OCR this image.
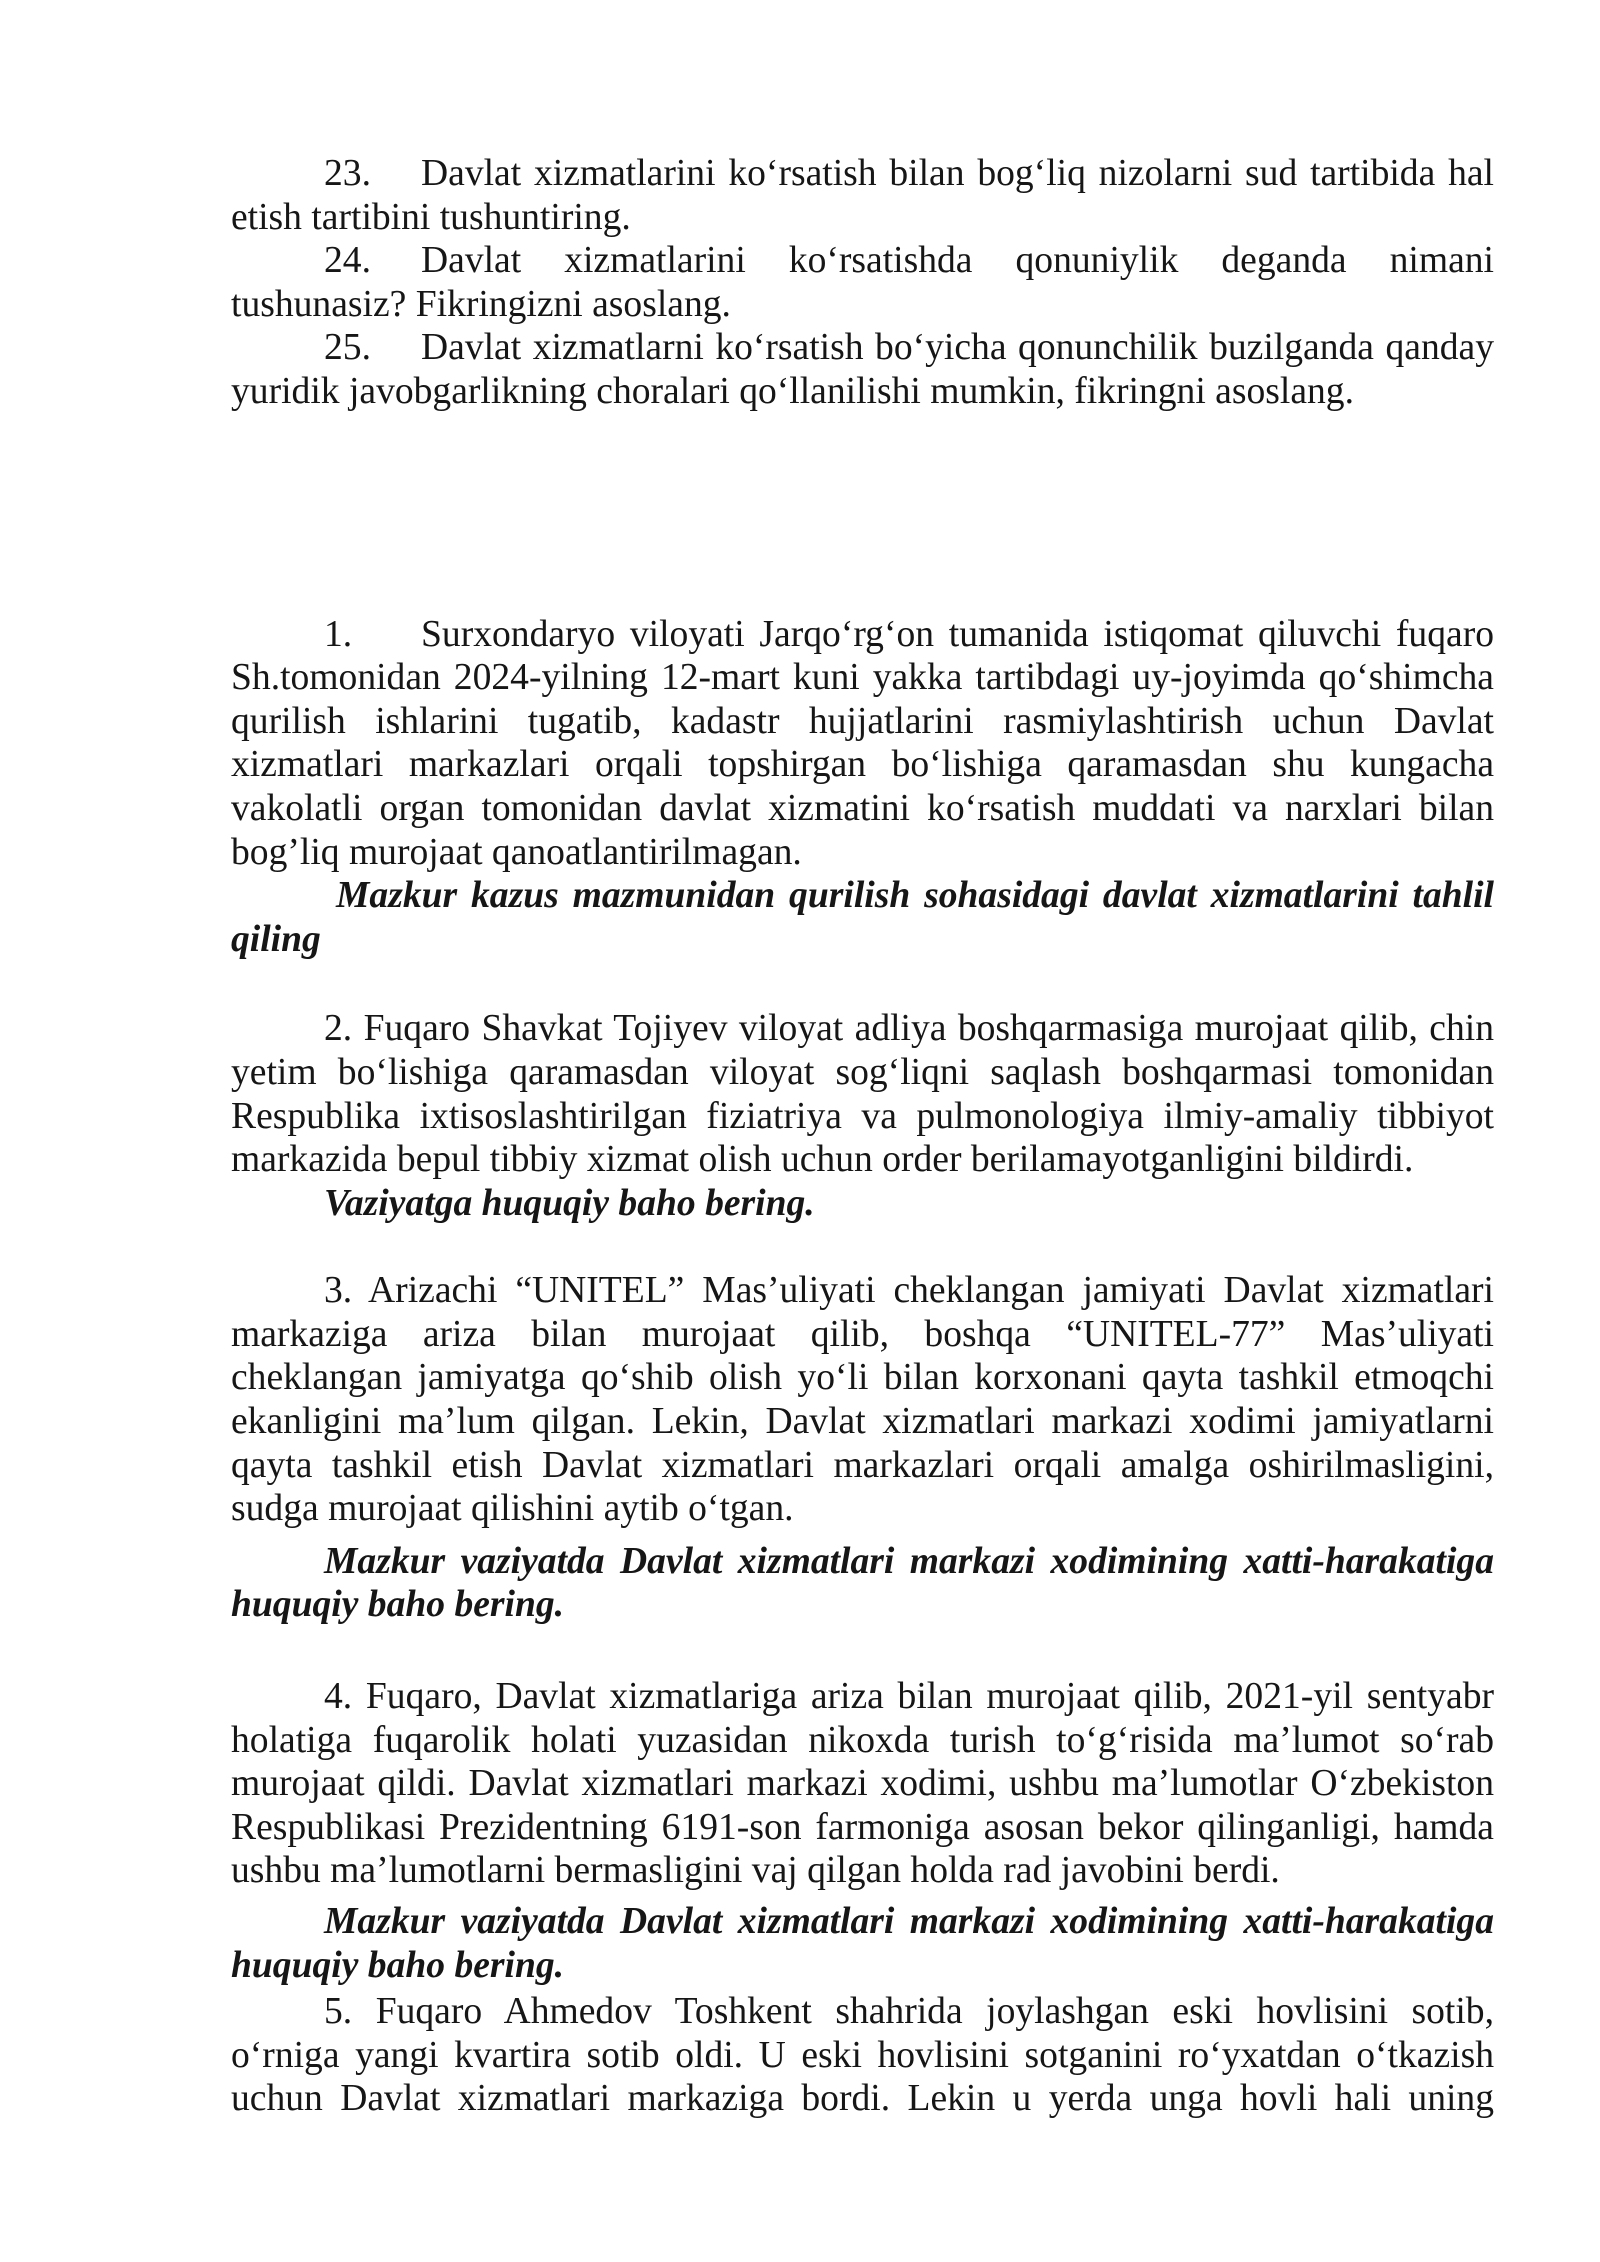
23. Davlat xizmatlarini ko‘rsatish bilan bog‘liq nizolarni sud tartibida hal
etish tartibini tushuntiring.
24. Davlat xizmatlarini ko‘rsatishda qonuniylik deganda nimani
tushunasiz? Fikringizni asoslang.
25. Davlat xizmatlarni ko‘rsatish bo‘yicha qonunchilik buzilganda qanday
yuridik javobgarlikning choralari qo‘llanilishi mumkin, fikringni asoslang.
1. Surxondaryo viloyati Jarqo‘rg‘on tumanida istiqomat qiluvchi fuqaro
Sh.tomonidan 2024-yilning 12-mart kuni yakka tartibdagi uy-joyimda qo‘shimcha
qurilish ishlarini tugatib, kadastr hujjatlarini rasmiylashtirish uchun Davlat
xizmatlari markazlari orqali topshirgan bo‘lishiga qaramasdan shu kungacha
vakolatli organ tomonidan davlat xizmatini ko‘rsatish muddati va narxlari bilan
bog’liq murojaat qanoatlantirilmagan.
Mazkur kazus mazmunidan qurilish sohasidagi davlat xizmatlarini tahlil
qiling
2. Fuqaro Shavkat Tojiyev viloyat adliya boshqarmasiga murojaat qilib, chin
yetim bo‘lishiga qaramasdan viloyat sog‘liqni saqlash boshqarmasi tomonidan
Respublika ixtisoslashtirilgan fiziatriya va pulmonologiya ilmiy-amaliy tibbiyot
markazida bepul tibbiy xizmat olish uchun order berilamayotganligini bildirdi.
Vaziyatga huquqiy baho bering.
3. Arizachi “UNITEL” Mas’uliyati cheklangan jamiyati Davlat xizmatlari
markaziga ariza bilan murojaat qilib, boshqa “UNITEL-77” Mas’uliyati
cheklangan jamiyatga qo‘shib olish yo‘li bilan korxonani qayta tashkil etmoqchi
ekanligini ma’lum qilgan. Lekin, Davlat xizmatlari markazi xodimi jamiyatlarni
qayta tashkil etish Davlat xizmatlari markazlari orqali amalga oshirilmasligini,
sudga murojaat qilishini aytib o‘tgan.
Mazkur vaziyatda Davlat xizmatlari markazi xodimining xatti-harakatiga
huquqiy baho bering.
4. Fuqaro, Davlat xizmatlariga ariza bilan murojaat qilib, 2021-yil sentyabr
holatiga fuqarolik holati yuzasidan nikoxda turish to‘g‘risida ma’lumot so‘rab
murojaat qildi. Davlat xizmatlari markazi xodimi, ushbu ma’lumotlar O‘zbekiston
Respublikasi Prezidentning 6191-son farmoniga asosan bekor qilinganligi, hamda
ushbu ma’lumotlarni bermasligini vaj qilgan holda rad javobini berdi.
Mazkur vaziyatda Davlat xizmatlari markazi xodimining xatti-harakatiga
huquqiy baho bering.
5. Fuqaro Ahmedov Toshkent shahrida joylashgan eski hovlisini sotib,
o‘rniga yangi kvartira sotib oldi. U eski hovlisini sotganini ro‘yxatdan o‘tkazish
uchun Davlat xizmatlari markaziga bordi. Lekin u yerda unga hovli hali uning
